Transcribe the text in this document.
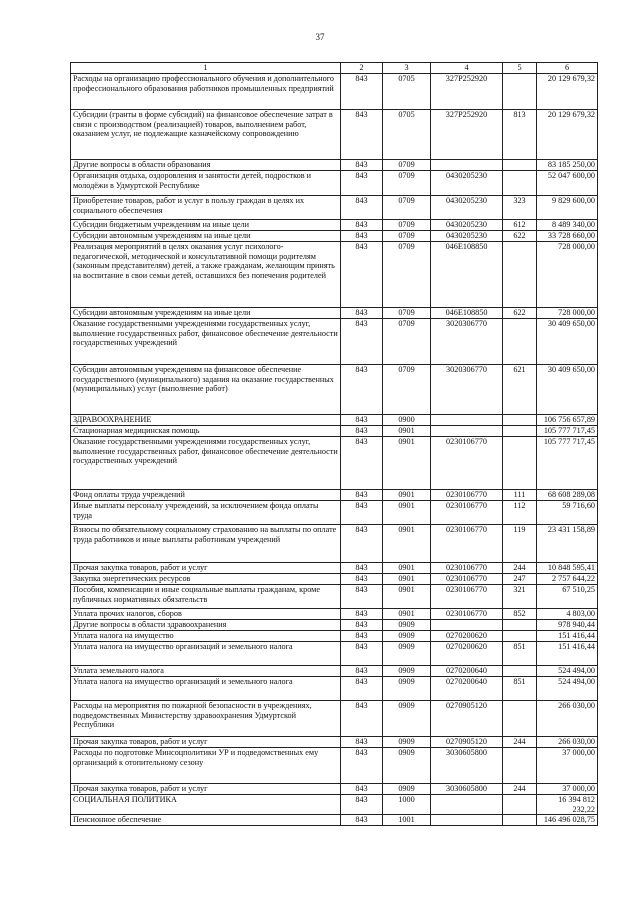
37
1	2	3	4	5	6
Расходы на организацию профессионального обучения и дополнительного профессионального образования работников промышленных предприятий	843	0705	327P252920		20 129 679,32
Субсидии (гранты в форме субсидий) на финансовое обеспечение затрат в связи с производством (реализацией) товаров, выполнением работ, оказанием услуг, не подлежащие казначейскому сопровождению	843	0705	327P252920	813	20 129 679,32
Другие вопросы в области образования	843	0709			83 185 250,00
Организация отдыха, оздоровления и занятости детей, подростков и молодёжи в Удмуртской Республике	843	0709	0430205230		52 047 600,00
Приобретение товаров, работ и услуг в пользу граждан в целях их социального обеспечения	843	0709	0430205230	323	9 829 600,00
Субсидии бюджетным учреждениям на иные цели	843	0709	0430205230	612	8 489 340,00
Субсидии автономным учреждениям на иные цели	843	0709	0430205230	622	33 728 660,00
Реализация мероприятий в целях оказания услуг психолого-педагогической, методической и консультативной помощи родителям (законным представителям) детей, а также гражданам, желающим принять на воспитание в свои семьи детей, оставшихся без попечения родителей	843	0709	046E108850		728 000,00
Субсидии автономным учреждениям на иные цели	843	0709	046E108850	622	728 000,00
Оказание государственными учреждениями государственных услуг, выполнение государственных работ, финансовое обеспечение деятельности государственных учреждений	843	0709	3020306770		30 409 650,00
Субсидии автономным учреждениям на финансовое обеспечение государственного (муниципального) задания на оказание государственных (муниципальных) услуг (выполнение работ)	843	0709	3020306770	621	30 409 650,00
ЗДРАВООХРАНЕНИЕ	843	0900			106 756 657,89
Стационарная медицинская помощь	843	0901			105 777 717,45
Оказание государственными учреждениями государственных услуг, выполнение государственных работ, финансовое обеспечение деятельности государственных учреждений	843	0901	0230106770		105 777 717,45
Фонд оплаты труда учреждений	843	0901	0230106770	111	68 608 289,08
Иные выплаты персоналу учреждений, за исключением фонда оплаты труда	843	0901	0230106770	112	59 716,60
Взносы по обязательному социальному страхованию на выплаты по оплате труда работников и иные выплаты работникам учреждений	843	0901	0230106770	119	23 431 158,89
Прочая закупка товаров, работ и услуг	843	0901	0230106770	244	10 848 595,41
Закупка энергетических ресурсов	843	0901	0230106770	247	2 757 644,22
Пособия, компенсации и иные социальные выплаты гражданам, кроме публичных нормативных обязательств	843	0901	0230106770	321	67 510,25
Уплата прочих налогов, сборов	843	0901	0230106770	852	4 803,00
Другие вопросы в области здравоохранения	843	0909			978 940,44
Уплата налога на имущество	843	0909	0270200620		151 416,44
Уплата налога на имущество организаций и земельного налога	843	0909	0270200620	851	151 416,44
Уплата земельного налога	843	0909	0270200640		524 494,00
Уплата налога на имущество организаций и земельного налога	843	0909	0270200640	851	524 494,00
Расходы на мероприятия по пожарной безопасности в учреждениях, подведомственных Министерству здравоохранения Удмуртской Республики	843	0909	0270905120		266 030,00
Прочая закупка товаров, работ и услуг	843	0909	0270905120	244	266 030,00
Расходы по подготовке Минсоцполитики УР и подведомственных ему организаций к отопительному сезону	843	0909	3030605800		37 000,00
Прочая закупка товаров, работ и услуг	843	0909	3030605800	244	37 000,00
СОЦИАЛЬНАЯ ПОЛИТИКА	843	1000			16 394 812 232,22
Пенсионное обеспечение	843	1001			146 496 028,75
